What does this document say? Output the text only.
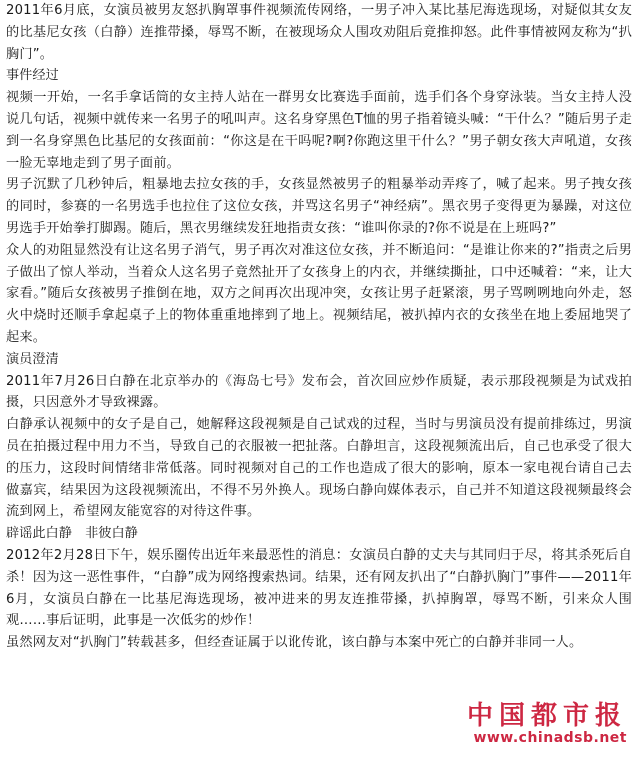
2011年6月底，女演员被男友怒扒胸罩事件视频流传网络，一男子冲入某比基尼海选现场，对疑似其女友的比基尼女孩（白静）连推带搡，辱骂不断，在被现场众人围攻劝阻后竟推抑怒。此件事情被网友称为“扒胸门”。

事件经过

视频一开始，一名手拿话筒的女主持人站在一群男女比赛选手面前，选手们各个身穿泳装。当女主持人没说几句话，视频中就传来一名男子的吼叫声。这名身穿黑色T恤的男子指着镜头喊：“干什么？”随后男子走到一名身穿黑色比基尼的女孩面前：“你这是在干吗呢?啊?你跑这里干什么？”男子朝女孩大声吼道，女孩一脸无辜地走到了男子面前。

男子沉默了几秒钟后，粗暴地去拉女孩的手，女孩显然被男子的粗暴举动弄疼了，喊了起来。男子拽女孩的同时，参赛的一名男选手也拉住了这位女孩，并骂这名男子“神经病”。黑衣男子变得更为暴躁，对这位男选手开始拳打脚踢。随后，黑衣男继续发狂地指责女孩：“谁叫你录的?你不说是在上班吗?”

众人的劝阻显然没有让这名男子消气，男子再次对准这位女孩，并不断追问：“是谁让你来的?”指责之后男子做出了惊人举动，当着众人这名男子竟然扯开了女孩身上的内衣，并继续撕扯，口中还喊着：“来，让大家看。”随后女孩被男子推倒在地，双方之间再次出现冲突，女孩让男子赶紧滚，男子骂咧咧地向外走，怒火中烧时还顺手拿起桌子上的物体重重地摔到了地上。视频结尾，被扒掉内衣的女孩坐在地上委屈地哭了起来。

演员澄清

2011年7月26日白静在北京举办的《海岛七号》发布会，首次回应炒作质疑，表示那段视频是为试戏拍摄，只因意外才导致裸露。

白静承认视频中的女子是自己，她解释这段视频是自己试戏的过程，当时与男演员没有提前排练过，男演员在拍摄过程中用力不当，导致自己的衣服被一把扯落。白静坦言，这段视频流出后，自己也承受了很大的压力，这段时间情绪非常低落。同时视频对自己的工作也造成了很大的影响，原本一家电视台请自己去做嘉宾，结果因为这段视频流出，不得不另外换人。现场白静向媒体表示，自己并不知道这段视频最终会流到网上，希望网友能宽容的对待这件事。

辟谣此白静　非彼白静

2012年2月28日下午，娱乐圈传出近年来最恶性的消息：女演员白静的丈夫与其同归于尽，将其杀死后自杀！因为这一恶性事件，“白静”成为网络搜索热词。结果，还有网友扒出了“白静扒胸门”事件——2011年6月，女演员白静在一比基尼海选现场，被冲进来的男友连推带搡，扒掉胸罩，辱骂不断，引来众人围观……事后证明，此事是一次低劣的炒作！

虽然网友对“扒胸门”转载甚多，但经查证属于以讹传讹，该白静与本案中死亡的白静并非同一人。

中国都市报
www.chinadsb.net
